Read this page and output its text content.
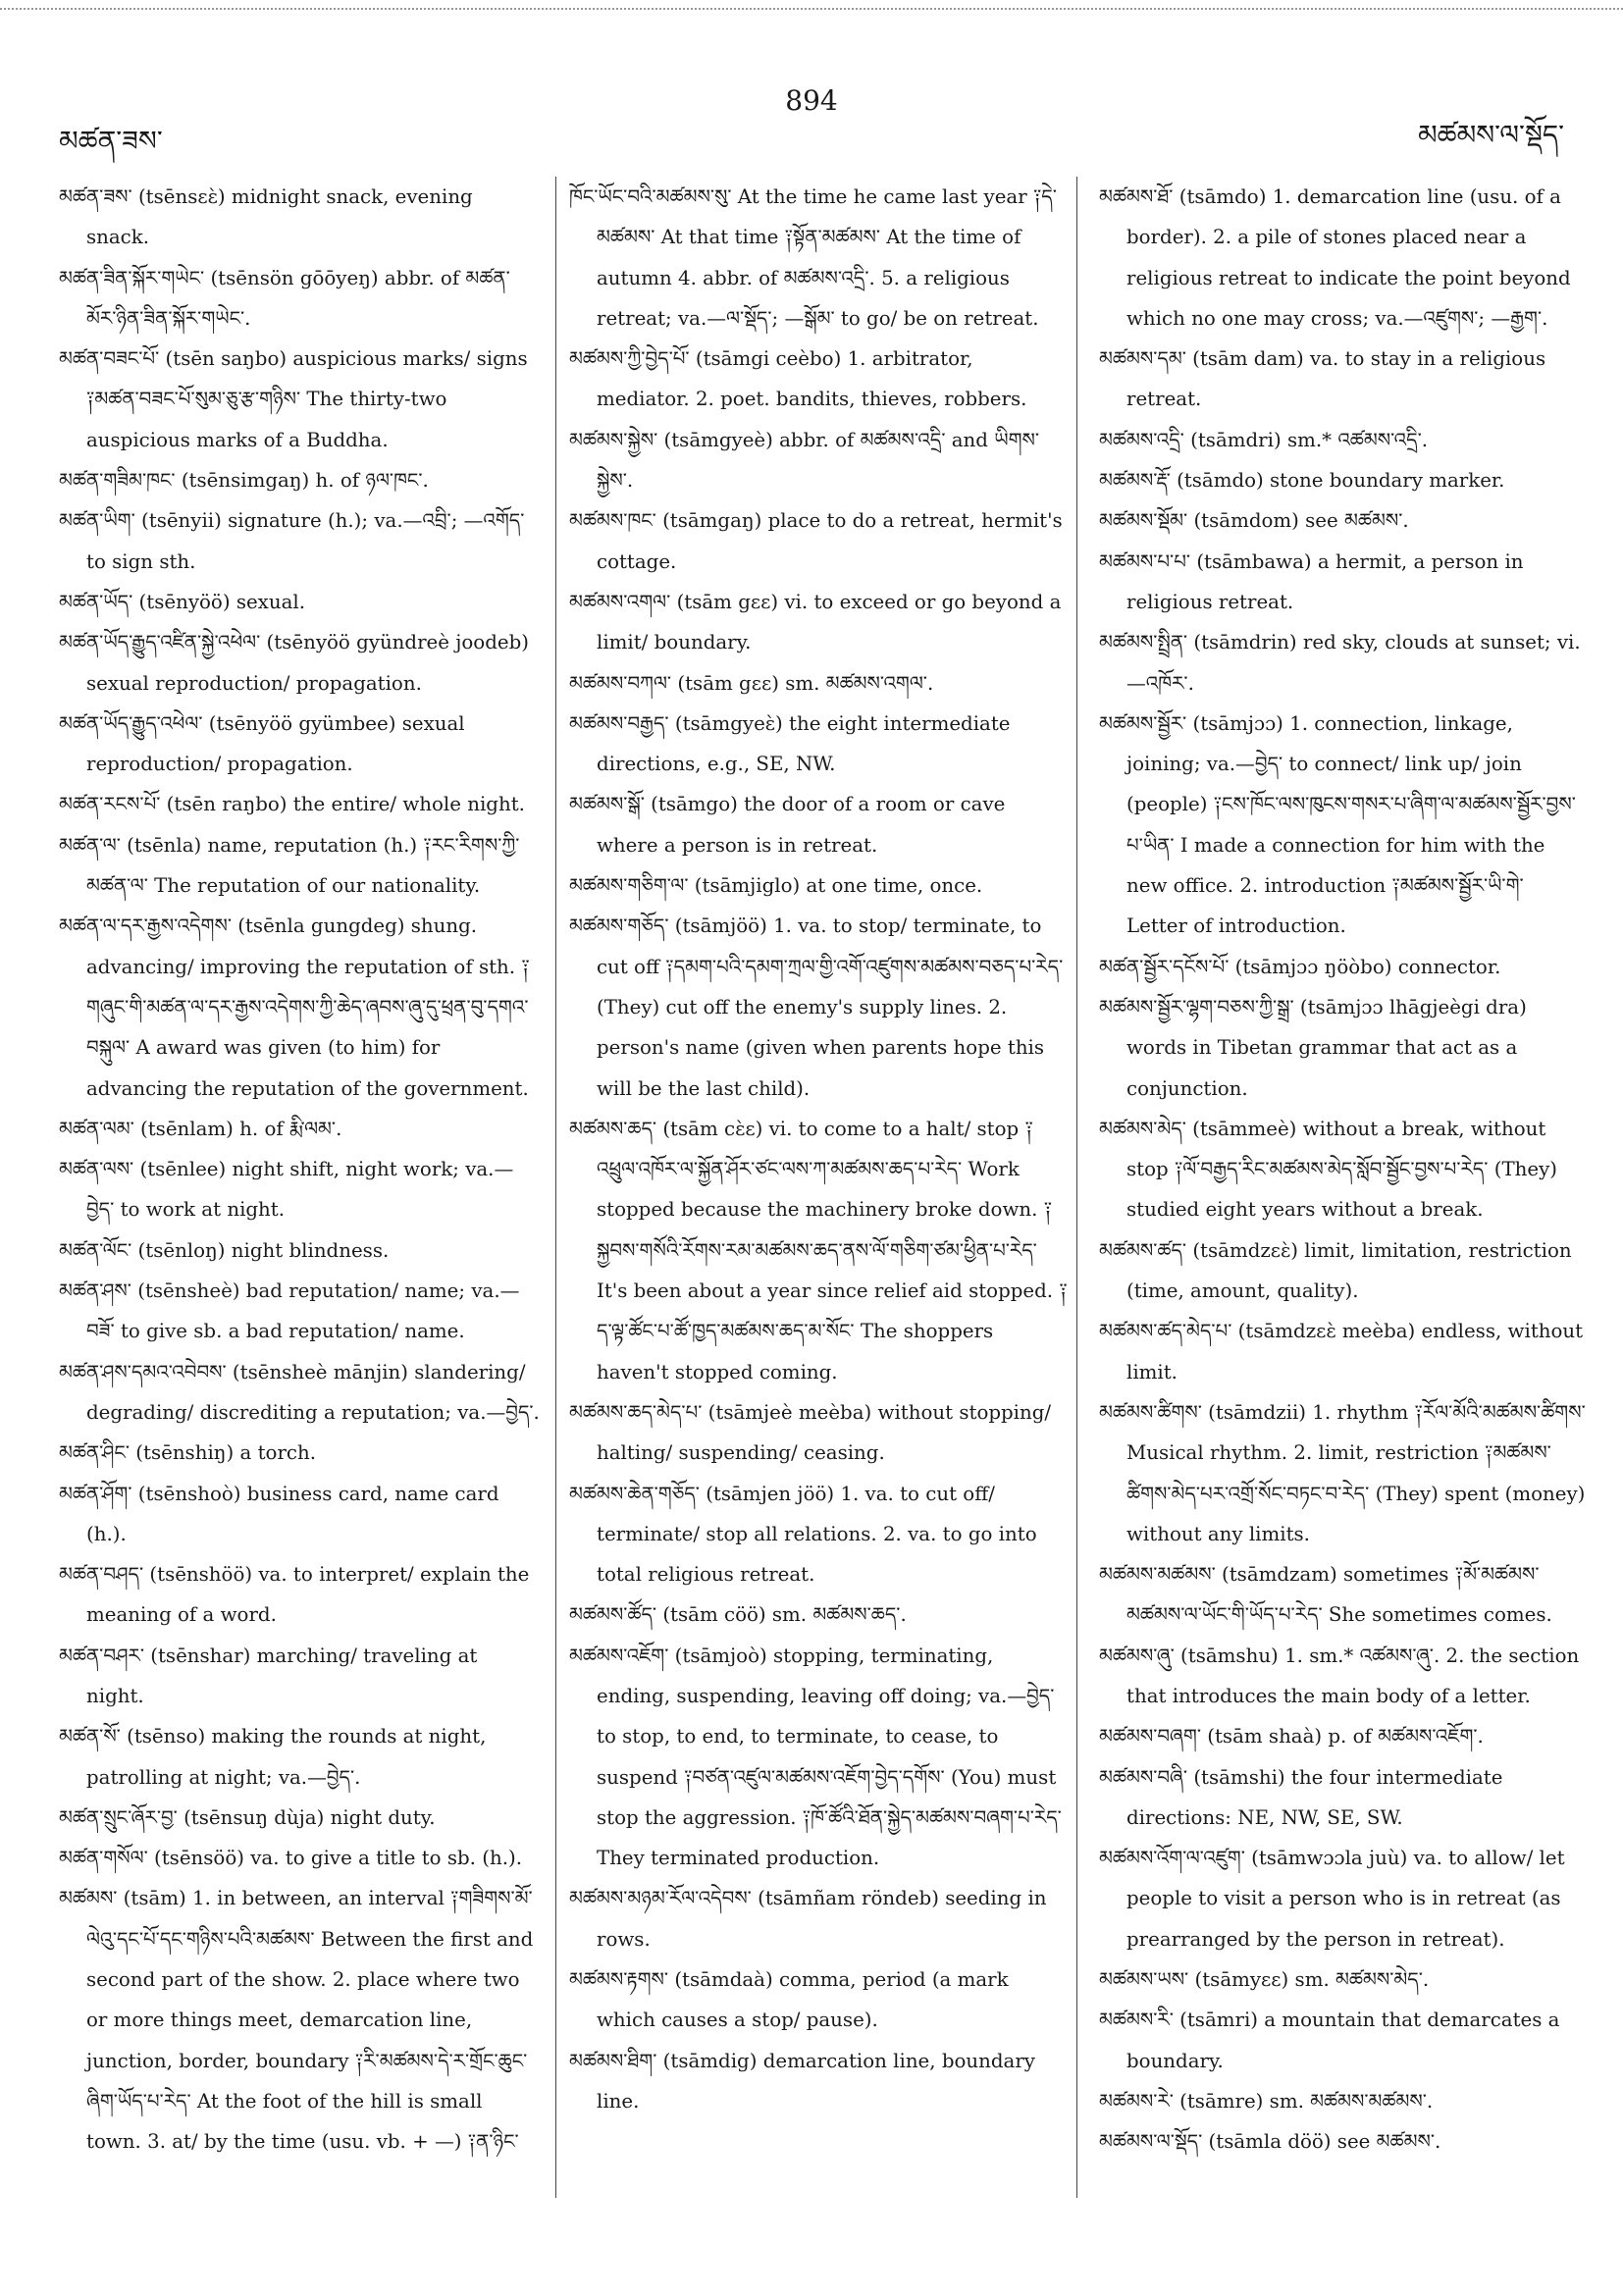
མཚན་ཟས་
894
མཚམས་ལ་སྡོད་

མཚན་ཟས་ (tsēnsɛɛ̀) midnight snack, evening snack.

མཚན་ཟིན་སྐོར་གཡེང་ (tsēnsön gōōyeŋ) abbr. of མཚན་མོར་ཉིན་ཟིན་སྐོར་གཡེང་.

མཚན་བཟང་པོ་ (tsēn saŋbo) auspicious marks/ signs ༑མཚན་བཟང་པོ་སུམ་ཅུ་རྩ་གཉིས་ The thirty-two auspicious marks of a Buddha.

མཚན་གཟིམ་ཁང་ (tsēnsimgaŋ) h. of ཉལ་ཁང་.

མཚན་ཡིག་ (tsēnyii) signature (h.); va.—འབྲི་; —འགོད་ to sign sth.

མཚན་ཡོད་ (tsēnyöö) sexual.

མཚན་ཡོད་རྒྱུད་འཛིན་སྐྱེ་འཕེལ་ (tsēnyöö gyündreè joodeb) sexual reproduction/ propagation.

མཚན་ཡོད་རྒྱུད་འཕེལ་ (tsēnyöö gyümbee) sexual reproduction/ propagation.

མཚན་རངས་པོ་ (tsēn raŋbo) the entire/ whole night.

མཚན་ལ་ (tsēnla) name, reputation (h.) ༑རང་རིགས་ཀྱི་མཚན་ལ་ The reputation of our nationality.

མཚན་ལ་དར་རྒྱས་འདེགས་ (tsēnla gungdeg) shung. advancing/ improving the reputation of sth. ༑གཞུང་གི་མཚན་ལ་དར་རྒྱས་འདེགས་ཀྱི་ཆེད་ཞབས་ཞུ་དུ་ཕྲན་བུ་དགའ་བསྐུལ་ A award was given (to him) for advancing the reputation of the government.

མཚན་ལམ་ (tsēnlam) h. of རྨི་ལམ་.

མཚན་ལས་ (tsēnlee) night shift, night work; va.—བྱེད་ to work at night.

མཚན་ལོང་ (tsēnloŋ) night blindness.

མཚན་ཤས་ (tsēnsheè) bad reputation/ name; va.—བཟོ་ to give sb. a bad reputation/ name.

མཚན་ཤས་དམའ་འབེབས་ (tsēnsheè mānjin) slandering/ degrading/ discrediting a reputation; va.—བྱེད་.

མཚན་ཤིང་ (tsēnshiŋ) a torch.

མཚན་ཤོག་ (tsēnshoò) business card, name card (h.).

མཚན་བཤད་ (tsēnshöö) va. to interpret/ explain the meaning of a word.

མཚན་བཤར་ (tsēnshar) marching/ traveling at night.

མཚན་སོ་ (tsēnso) making the rounds at night, patrolling at night; va.—བྱེད་.

མཚན་སྲུང་ཞོར་བྱ་ (tsēnsuŋ dùja) night duty.

མཚན་གསོལ་ (tsēnsöö) va. to give a title to sb. (h.).

མཚམས་ (tsām) 1. in between, an interval ༑གཟིགས་མོ་ལེའུ་དང་པོ་དང་གཉིས་པའི་མཚམས་ Between the first and second part of the show. 2. place where two or more things meet, demarcation line, junction, border, boundary ༑རི་མཚམས་དེ་ར་གྲོང་ཆུང་ཞིག་ཡོད་པ་རེད་ At the foot of the hill is small town. 3. at/ by the time (usu. vb. + —) ༑ན་ཉིང་

ཁོང་ཡོང་བའི་མཚམས་སུ་ At the time he came last year ༑དེ་མཚམས་ At that time ༑སྟོན་མཚམས་ At the time of autumn 4. abbr. of མཚམས་འདྲི་. 5. a religious retreat; va.—ལ་སྡོད་; —སྒོམ་ to go/ be on retreat.

མཚམས་ཀྱི་བྱེད་པོ་ (tsāmgi ceèbo) 1. arbitrator, mediator. 2. poet. bandits, thieves, robbers.

མཚམས་སྐྱེས་ (tsāmgyeè) abbr. of མཚམས་འདྲི་ and ཡིགས་སྐྱེས་.

མཚམས་ཁང་ (tsāmgaŋ) place to do a retreat, hermit's cottage.

མཚམས་འགལ་ (tsām gɛɛ) vi. to exceed or go beyond a limit/ boundary.

མཚམས་བཀལ་ (tsām gɛɛ) sm. མཚམས་འགལ་.

མཚམས་བརྒྱད་ (tsāmgyeɛ̀) the eight intermediate directions, e.g., SE, NW.

མཚམས་སྒོ་ (tsāmgo) the door of a room or cave where a person is in retreat.

མཚམས་གཅིག་ལ་ (tsāmjiglo) at one time, once.

མཚམས་གཅོད་ (tsāmjöö) 1. va. to stop/ terminate, to cut off ༑དམག་པའི་དམག་ཀྲལ་གྱི་འགོ་འཛུགས་མཚམས་བཅད་པ་རེད་ (They) cut off the enemy's supply lines. 2. person's name (given when parents hope this will be the last child).

མཚམས་ཆད་ (tsām cɛ̀ɛ) vi. to come to a halt/ stop ༑འཕྲུལ་འཁོར་ལ་སྐྱོན་ཤོར་ཙང་ལས་ཀ་མཚམས་ཆད་པ་རེད་ Work stopped because the machinery broke down. ༑སྐྱབས་གསོའི་རོགས་རམ་མཚམས་ཆད་ནས་ལོ་གཅིག་ཙམ་ཕྱིན་པ་རེད་ It's been about a year since relief aid stopped. ༑ད་ལྟ་ཚོང་པ་ཚོ་ཁྱད་མཚམས་ཆད་མ་སོང་ The shoppers haven't stopped coming.

མཚམས་ཆད་མེད་པ་ (tsāmjeè meèba) without stopping/ halting/ suspending/ ceasing.

མཚམས་ཆེན་གཅོད་ (tsāmjen jöö) 1. va. to cut off/ terminate/ stop all relations. 2. va. to go into total religious retreat.

མཚམས་ཚོད་ (tsām cöö) sm. མཚམས་ཆད་.

མཚམས་འཇོག་ (tsāmjoò) stopping, terminating, ending, suspending, leaving off doing; va.—བྱེད་ to stop, to end, to terminate, to cease, to suspend ༑བཙན་འཛུལ་མཚམས་འཇོག་བྱེད་དགོས་ (You) must stop the aggression. ༑ཁོ་ཚོའི་ཐོན་སྐྱེད་མཚམས་བཞག་པ་རེད་ They terminated production.

མཚམས་མཉམ་རོལ་འདེབས་ (tsāmñam röndeb) seeding in rows.

མཚམས་རྟགས་ (tsāmdaà) comma, period (a mark which causes a stop/ pause).

མཚམས་ཐིག་ (tsāmdig) demarcation line, boundary line.

མཚམས་ཐོ་ (tsāmdo) 1. demarcation line (usu. of a border). 2. a pile of stones placed near a religious retreat to indicate the point beyond which no one may cross; va.—འཛུགས་; —རྒྱག་.

མཚམས་དམ་ (tsām dam) va. to stay in a religious retreat.

མཚམས་འདྲི་ (tsāmdri) sm.* འཚམས་འདྲི་.

མཚམས་རྡོ་ (tsāmdo) stone boundary marker.

མཚམས་སྡོམ་ (tsāmdom) see མཚམས་.

མཚམས་པ་པ་ (tsāmbawa) a hermit, a person in religious retreat.

མཚམས་སྤྲིན་ (tsāmdrin) red sky, clouds at sunset; vi.—འཁོར་.

མཚམས་སྦྱོར་ (tsāmjɔɔ) 1. connection, linkage, joining; va.—བྱེད་ to connect/ link up/ join (people) ༑ངས་ཁོང་ལས་ཁུངས་གསར་པ་ཞིག་ལ་མཚམས་སྦྱོར་བྱས་པ་ཡིན་ I made a connection for him with the new office. 2. introduction ༑མཚམས་སྦྱོར་ཡི་གེ་ Letter of introduction.

མཚན་སྦྱོར་དངོས་པོ་ (tsāmjɔɔ ŋöòbo) connector.

མཚམས་སྦྱོར་ལྷག་བཅས་ཀྱི་སྒྲ་ (tsāmjɔɔ lhāgjeègi dra) words in Tibetan grammar that act as a conjunction.

མཚམས་མེད་ (tsāmmeè) without a break, without stop ༑ལོ་བརྒྱད་རིང་མཚམས་མེད་སློབ་སྦྱོང་བྱས་པ་རེད་ (They) studied eight years without a break.

མཚམས་ཚད་ (tsāmdzɛɛ̀) limit, limitation, restriction (time, amount, quality).

མཚམས་ཚད་མེད་པ་ (tsāmdzɛɛ̀ meèba) endless, without limit.

མཚམས་ཚིགས་ (tsāmdzii) 1. rhythm ༑རོལ་མོའི་མཚམས་ཚིགས་ Musical rhythm. 2. limit, restriction ༑མཚམས་ཚིགས་མེད་པར་འགྲོ་སོང་བཏང་བ་རེད་ (They) spent (money) without any limits.

མཚམས་མཚམས་ (tsāmdzam) sometimes ༑མོ་མཚམས་མཚམས་ལ་ཡོང་གི་ཡོད་པ་རེད་ She sometimes comes.

མཚམས་ཞུ་ (tsāmshu) 1. sm.* འཚམས་ཞུ་. 2. the section that introduces the main body of a letter.

མཚམས་བཞག་ (tsām shaà) p. of མཚམས་འཇོག་.

མཚམས་བཞི་ (tsāmshi) the four intermediate directions: NE, NW, SE, SW.

མཚམས་འོག་ལ་འཛུག་ (tsāmwɔɔla juù) va. to allow/ let people to visit a person who is in retreat (as prearranged by the person in retreat).

མཚམས་ཡས་ (tsāmyɛɛ) sm. མཚམས་མེད་.

མཚམས་རི་ (tsāmri) a mountain that demarcates a boundary.

མཚམས་རེ་ (tsāmre) sm. མཚམས་མཚམས་.

མཚམས་ལ་སྡོད་ (tsāmla döö) see མཚམས་.
